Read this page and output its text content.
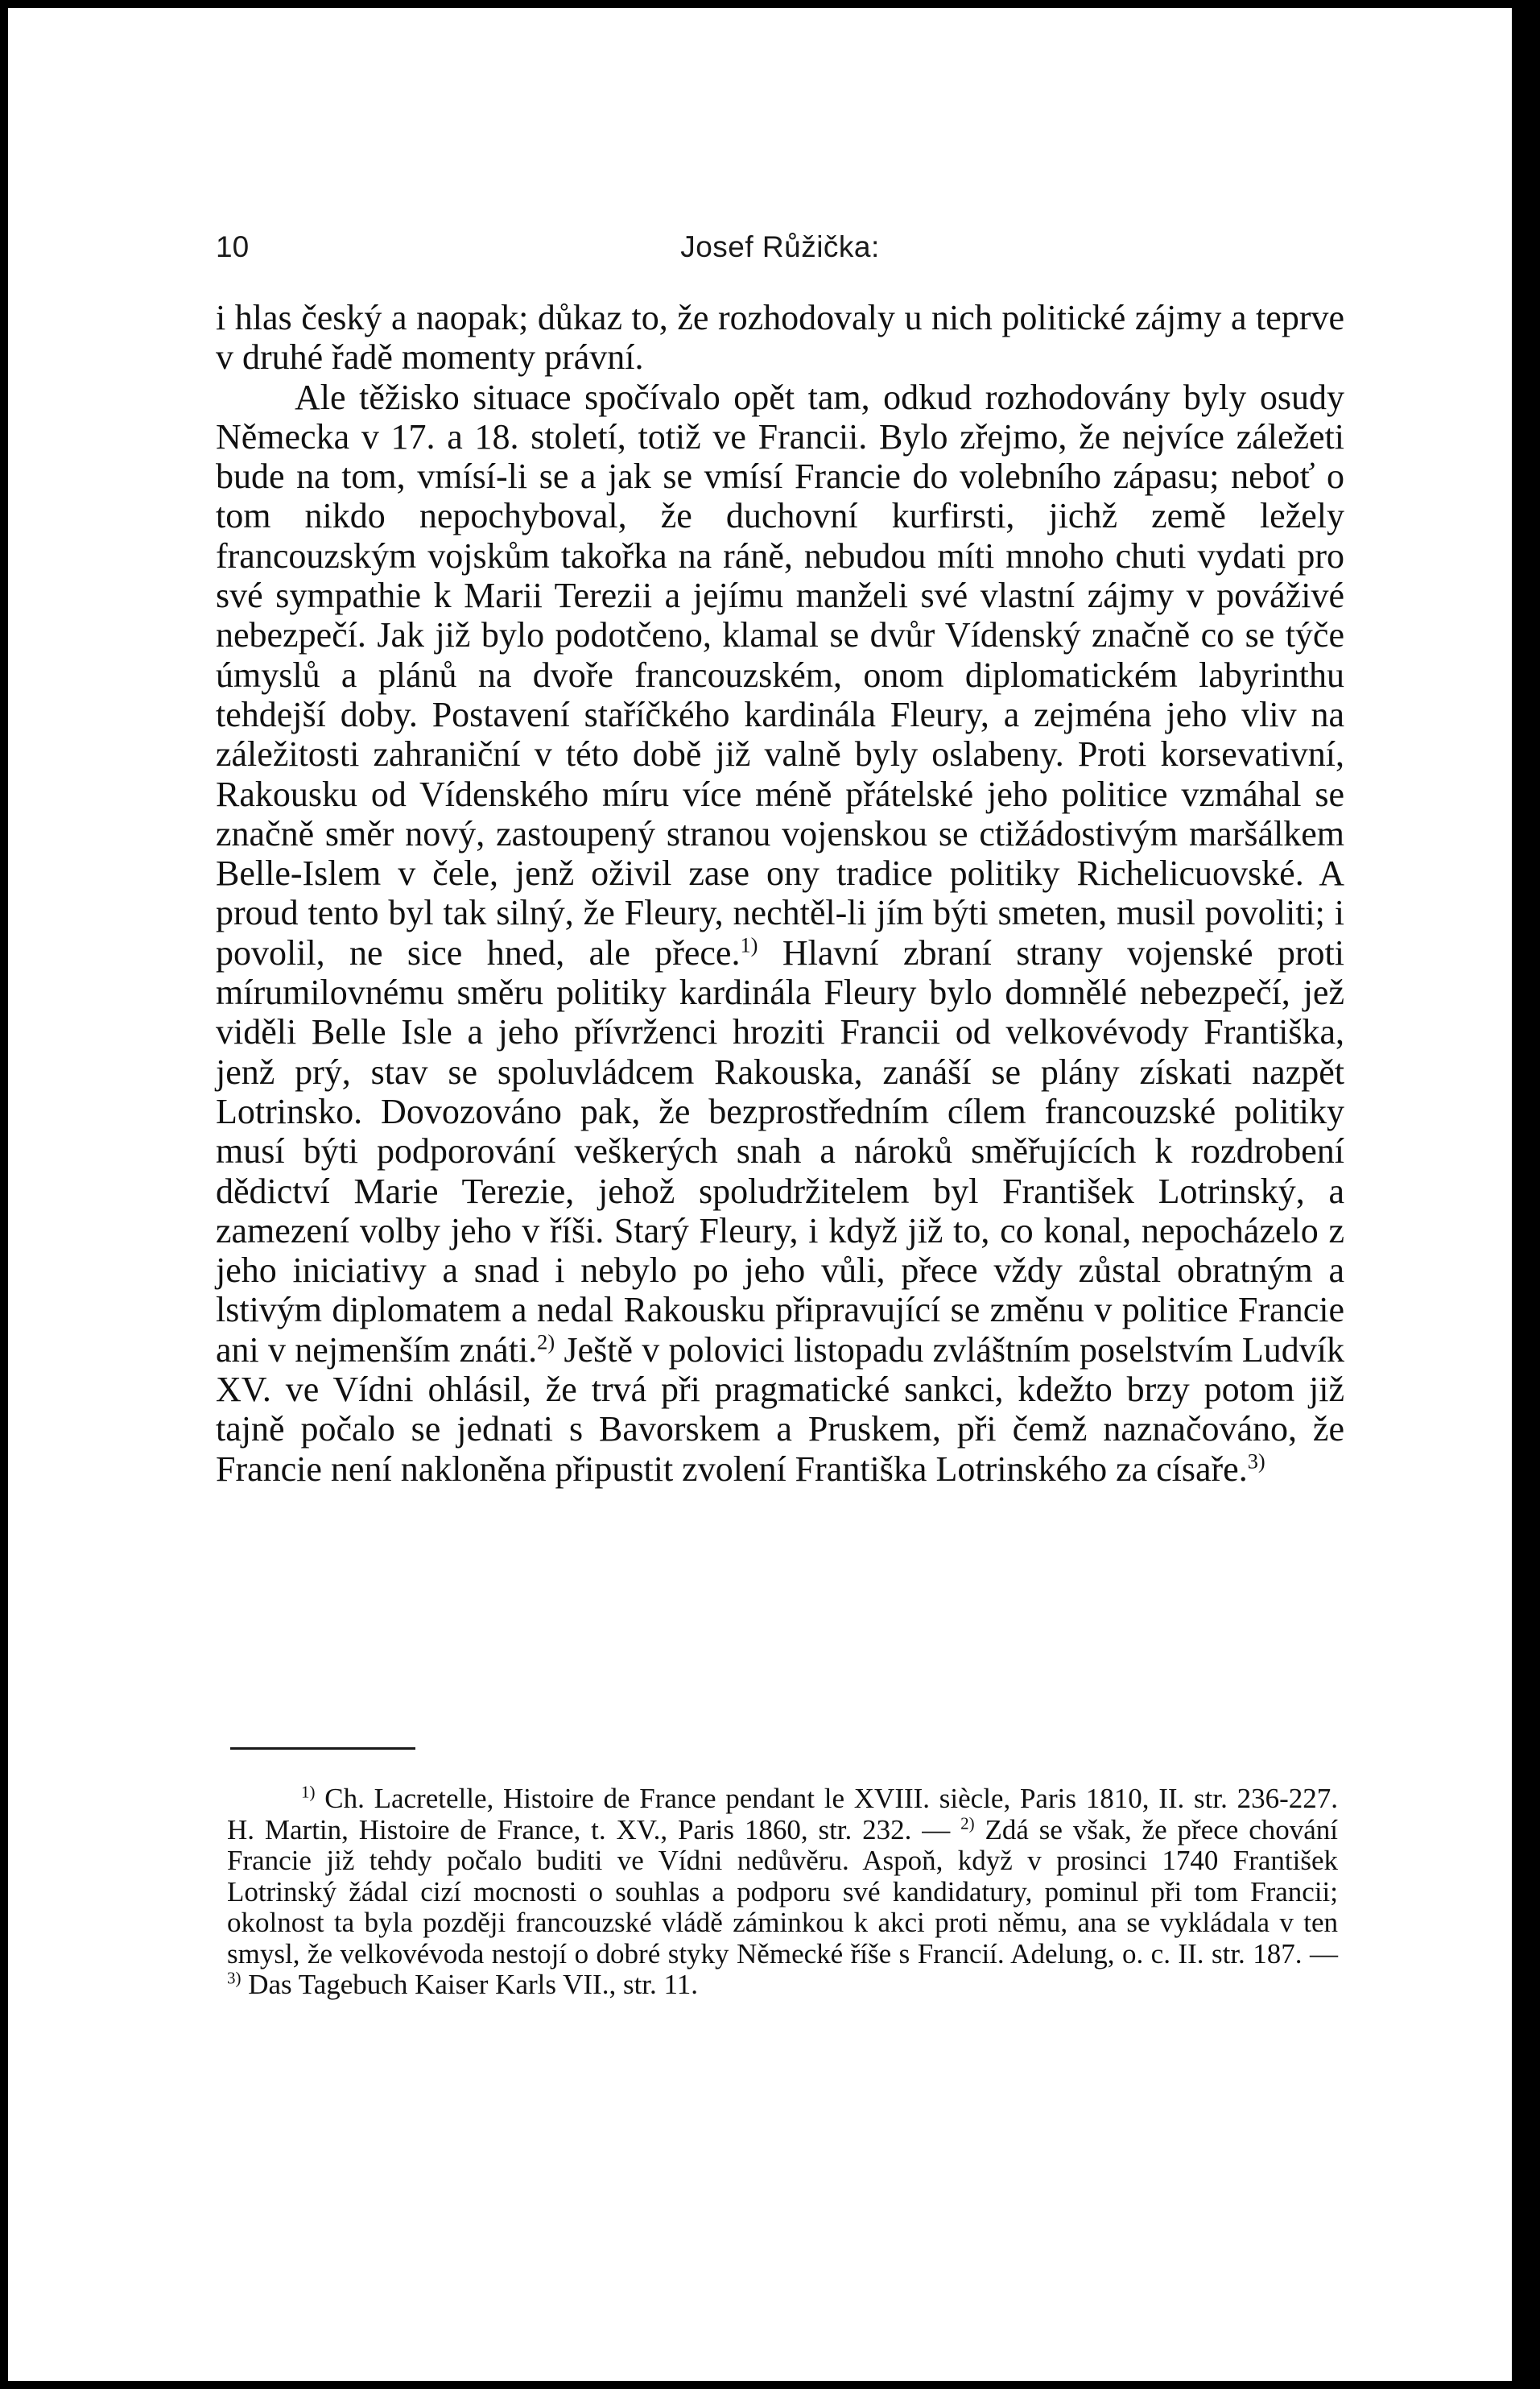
10	Josef Růžička:

i hlas český a naopak; důkaz to, že rozhodovaly u nich politické zájmy a teprve v druhé řadě momenty právní.

Ale těžisko situace spočívalo opět tam, odkud rozhodovány byly osudy Německa v 17. a 18. století, totiž ve Francii. Bylo zřejmo, že nejvíce záležeti bude na tom, vmísí-li se a jak se vmísí Francie do volebního zápasu; neboť o tom nikdo nepochyboval, že duchovní kurfirsti, jichž země ležely francouzským vojskům takořka na ráně, nebudou míti mnoho chuti vydati pro své sympathie k Marii Terezii a jejímu manželi své vlastní zájmy v pováživé nebezpečí. Jak již bylo podotčeno, klamal se dvůr Vídenský značně co se týče úmyslů a plánů na dvoře francouzském, onom diplomatickém labyrinthu tehdejší doby. Postavení staříčkého kardinála Fleury, a zejména jeho vliv na záležitosti zahraniční v této době již valně byly oslabeny. Proti korsevativní, Rakousku od Vídenského míru více méně přátelské jeho politice vzmáhal se značně směr nový, zastoupený stranou vojenskou se ctižádostivým maršálkem Belle-Islem v čele, jenž oživil zase ony tradice politiky Richelicuovské. A proud tento byl tak silný, že Fleury, nechtěl-li jím býti smeten, musil povoliti; i povolil, ne sice hned, ale přece.$^{1)}$ Hlavní zbraní strany vojenské proti mírumilovnému směru politiky kardinála Fleury bylo domnělé nebezpečí, jež viděli Belle Isle a jeho přívrženci hroziti Francii od velkovévody Františka, jenž prý, stav se spoluvládcem Rakouska, zanáší se plány získati nazpět Lotrinsko. Dovozováno pak, že bezprostředním cílem francouzské politiky musí býti podporování veškerých snah a nároků směřujících k rozdrobení dědictví Marie Terezie, jehož spoludržitelem byl František Lotrinský, a zamezení volby jeho v říši. Starý Fleury, i když již to, co konal, nepocházelo z jeho iniciativy a snad i nebylo po jeho vůli, přece vždy zůstal obratným a lstivým diplomatem a nedal Rakousku připravující se změnu v politice Francie ani v nejmenším znáti.$^{2)}$ Ještě v polovici listopadu zvláštním poselstvím Ludvík XV. ve Vídni ohlásil, že trvá při pragmatické sankci, kdežto brzy potom již tajně počalo se jednati s Bavorskem a Pruskem, při čemž naznačováno, že Francie není nakloněna připustit zvolení Františka Lotrinského za císaře.$^{3)}$

$^{1)}$ Ch. Lacretelle, Histoire de France pendant le XVIII. siècle, Paris 1810, II. str. 236-227. H. Martin, Histoire de France, t. XV., Paris 1860, str. 232. — $^{2)}$ Zdá se však, že přece chování Francie již tehdy počalo buditi ve Vídni nedůvěru. Aspoň, když v prosinci 1740 František Lotrinský žádal cizí mocnosti o souhlas a podporu své kandidatury, pominul při tom Francii; okolnost ta byla později francouzské vládě záminkou k akci proti němu, ana se vykládala v ten smysl, že velkovévoda nestojí o dobré styky Německé říše s Francií. Adelung, o. c. II. str. 187. — $^{3)}$ Das Tagebuch Kaiser Karls VII., str. 11.
